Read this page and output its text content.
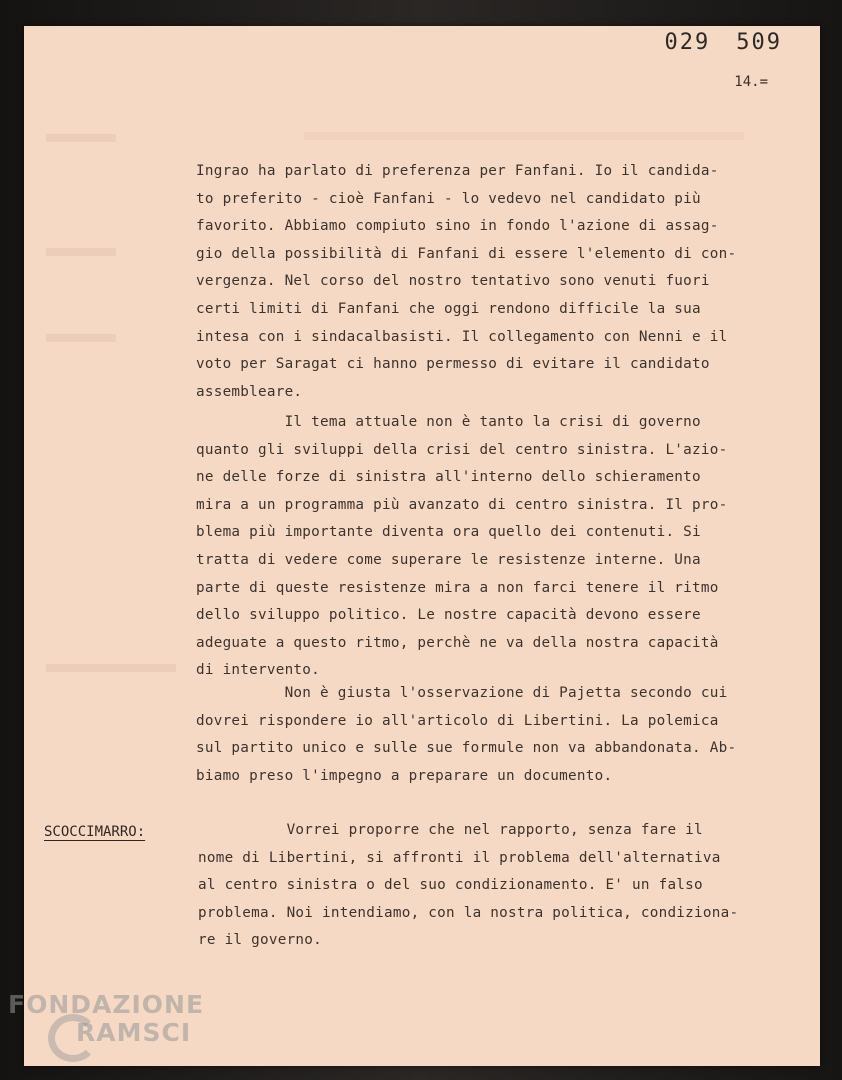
029 509
14.=
Ingrao ha parlato di preferenza per Fanfani. Io il candida-
to preferito - cioè Fanfani - lo vedevo nel candidato più
favorito. Abbiamo compiuto sino in fondo l'azione di assag-
gio della possibilità di Fanfani di essere l'elemento di con-
vergenza. Nel corso del nostro tentativo sono venuti fuori
certi limiti di Fanfani che oggi rendono difficile la sua
intesa con i sindacalbasisti. Il collegamento con Nenni e il
voto per Saragat ci hanno permesso di evitare il candidato
assembleare.
Il tema attuale non è tanto la crisi di governo
quanto gli sviluppi della crisi del centro sinistra. L'azio-
ne delle forze di sinistra all'interno dello schieramento
mira a un programma più avanzato di centro sinistra. Il pro-
blema più importante diventa ora quello dei contenuti. Si
tratta di vedere come superare le resistenze interne. Una
parte di queste resistenze mira a non farci tenere il ritmo
dello sviluppo politico. Le nostre capacità devono essere
adeguate a questo ritmo, perchè ne va della nostra capacità
di intervento.
Non è giusta l'osservazione di Pajetta secondo cui
dovrei rispondere io all'articolo di Libertini. La polemica
sul partito unico e sulle sue formule non va abbandonata. Ab-
biamo preso l'impegno a preparare un documento.
SCOCCIMARRO:	Vorrei proporre che nel rapporto, senza fare il
nome di Libertini, si affronti il problema dell'alternativa
al centro sinistra o del suo condizionamento. E' un falso
problema. Noi intendiamo, con la nostra politica, condiziona-
re il governo.
FONDAZIONE
RAMSCI
